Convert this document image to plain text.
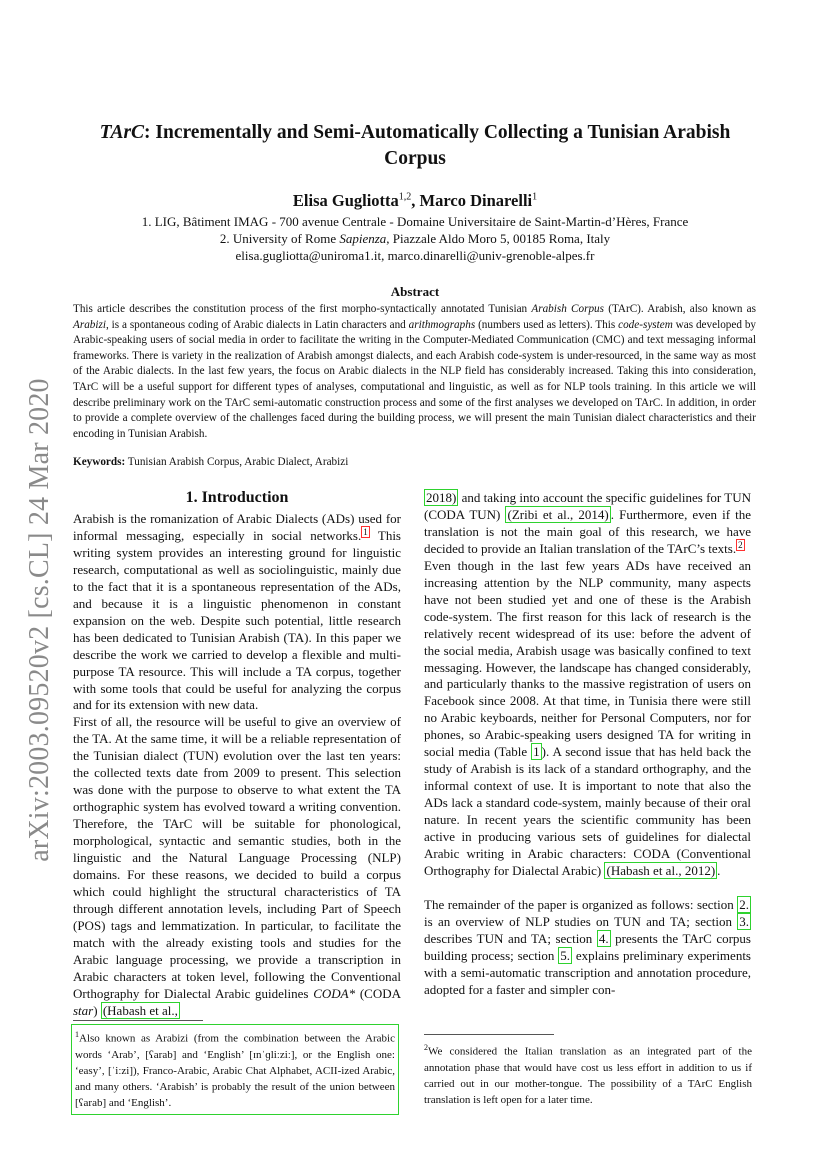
arXiv:2003.09520v2 [cs.CL] 24 Mar 2020
TArC: Incrementally and Semi-Automatically Collecting a Tunisian Arabish
Corpus
Elisa Gugliotta$^{1,2}$, Marco Dinarelli$^1$
1. LIG, Bâtiment IMAG - 700 avenue Centrale - Domaine Universitaire de Saint-Martin-d’Hères, France
2. University of Rome Sapienza, Piazzale Aldo Moro 5, 00185 Roma, Italy
elisa.gugliotta@uniroma1.it, marco.dinarelli@univ-grenoble-alpes.fr
Abstract
This article describes the constitution process of the first morpho-syntactically annotated Tunisian Arabish Corpus (TArC). Arabish, also known as Arabizi, is a spontaneous coding of Arabic dialects in Latin characters and arithmographs (numbers used as letters). This code-system was developed by Arabic-speaking users of social media in order to facilitate the writing in the Computer-Mediated Communication (CMC) and text messaging informal frameworks. There is variety in the realization of Arabish amongst dialects, and each Arabish code-system is under-resourced, in the same way as most of the Arabic dialects. In the last few years, the focus on Arabic dialects in the NLP field has considerably increased. Taking this into consideration, TArC will be a useful support for different types of analyses, computational and linguistic, as well as for NLP tools training. In this article we will describe preliminary work on the TArC semi-automatic construction process and some of the first analyses we developed on TArC. In addition, in order to provide a complete overview of the challenges faced during the building process, we will present the main Tunisian dialect characteristics and their encoding in Tunisian Arabish.
Keywords: Tunisian Arabish Corpus, Arabic Dialect, Arabizi
1. Introduction

Arabish is the romanization of Arabic Dialects (ADs) used for informal messaging, especially in social networks. $^1$ This writing system provides an interesting ground for linguistic research, computational as well as sociolinguistic, mainly due to the fact that it is a spontaneous representation of the ADs, and because it is a linguistic phenomenon in constant expansion on the web. Despite such potential, little research has been dedicated to Tunisian Arabish (TA). In this paper we describe the work we carried to develop a flexible and multi-purpose TA resource. This will include a TA corpus, together with some tools that could be useful for analyzing the corpus and for its extension with new data.

First of all, the resource will be useful to give an overview of the TA. At the same time, it will be a reliable representation of the Tunisian dialect (TUN) evolution over the last ten years: the collected texts date from 2009 to present. This selection was done with the purpose to observe to what extent the TA orthographic system has evolved toward a writing convention. Therefore, the TArC will be suitable for phonological, morphological, syntactic and semantic studies, both in the linguistic and the Natural Language Processing (NLP) domains. For these reasons, we decided to build a corpus which could highlight the structural characteristics of TA through different annotation levels, including Part of Speech (POS) tags and lemmatization. In particular, to facilitate the match with the already existing tools and studies for the Arabic language processing, we provide a transcription in Arabic characters at token level, following the Conventional Orthography for Dialectal Arabic guidelines CODA* (CODA star) (Habash et al.,

2018) and taking into account the specific guidelines for TUN (CODA TUN) (Zribi et al., 2014) . Furthermore, even if the translation is not the main goal of this research, we have decided to provide an Italian translation of the TArC’s texts. $^2$

Even though in the last few years ADs have received an increasing attention by the NLP community, many aspects have not been studied yet and one of these is the Arabish code-system. The first reason for this lack of research is the relatively recent widespread of its use: before the advent of the social media, Arabish usage was basically confined to text messaging. However, the landscape has changed considerably, and particularly thanks to the massive registration of users on Facebook since 2008. At that time, in Tunisia there were still no Arabic keyboards, neither for Personal Computers, nor for phones, so Arabic-speaking users designed TA for writing in social media (Table 1 ). A second issue that has held back the study of Arabish is its lack of a standard orthography, and the informal context of use. It is important to note that also the ADs lack a standard code-system, mainly because of their oral nature. In recent years the scientific community has been active in producing various sets of guidelines for dialectal Arabic writing in Arabic characters: CODA (Conventional Orthography for Dialectal Arabic) (Habash et al., 2012) .

The remainder of the paper is organized as follows: section 2. is an overview of NLP studies on TUN and TA; section 3. describes TUN and TA; section 4. presents the TArC corpus building process; section 5. explains preliminary experiments with a semi-automatic transcription and annotation procedure, adopted for a faster and simpler con-

$^1$Also known as Arabizi (from the combination between the Arabic words ‘Arab’, [ʕarab] and ‘English’ [ɪnˈɡliːziː], or the English one: ‘easy’, [ˈiːzi]), Franco-Arabic, Arabic Chat Alphabet, ACII-ized Arabic, and many others. ‘Arabish’ is probably the result of the union between [ʕarab] and ‘English’.
$^2$We considered the Italian translation as an integrated part of the annotation phase that would have cost us less effort in addition to us if carried out in our mother-tongue. The possibility of a TArC English translation is left open for a later time.
